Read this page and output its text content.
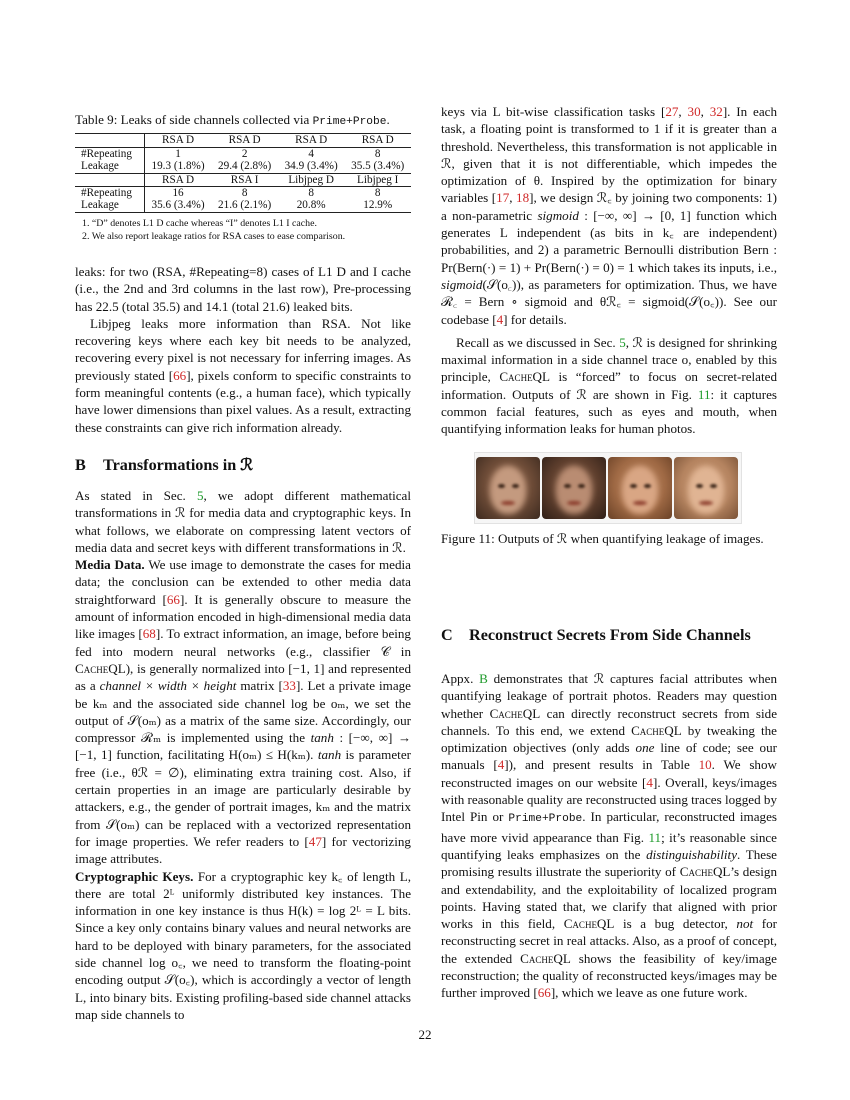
Table 9: Leaks of side channels collected via Prime+Probe.
	RSA D	RSA D	RSA D	RSA D
#Repeating	1	2	4	8
Leakage	19.3 (1.8%)	29.4 (2.8%)	34.9 (3.4%)	35.5 (3.4%)
	RSA D	RSA I	Libjpeg D	Libjpeg I
#Repeating	16	8	8	8
Leakage	35.6 (3.4%)	21.6 (2.1%)	20.8%	12.9%
1. “D” denotes L1 D cache whereas “I” denotes L1 I cache.
2. We also report leakage ratios for RSA cases to ease comparison.

leaks: for two (RSA, #Repeating=8) cases of L1 D and I cache (i.e., the 2nd and 3rd columns in the last row), Pre-processing has 22.5 (total 35.5) and 14.1 (total 21.6) leaked bits.

Libjpeg leaks more information than RSA. Not like recovering keys where each key bit needs to be analyzed, recovering every pixel is not necessary for inferring images. As previously stated [66], pixels conform to specific constraints to form meaningful contents (e.g., a human face), which typically have lower dimensions than pixel values. As a result, extracting these constraints can give rich information already.

As stated in Sec. 5, we adopt different mathematical transformations in ℛ for media data and cryptographic keys. In what follows, we elaborate on compressing latent vectors of media data and secret keys with different transformations in ℛ.

Media Data. We use image to demonstrate the cases for media data; the conclusion can be extended to other media data straightforward [66]. It is generally obscure to measure the amount of information encoded in high-dimensional media data like images [68]. To extract information, an image, before being fed into modern neural networks (e.g., classifier 𝒞 in CacheQL), is generally normalized into [−1, 1] and represented as a channel × width × height matrix [33]. Let a private image be kₘ and the associated side channel log be oₘ, we set the output of 𝒮(oₘ) as a matrix of the same size. Accordingly, our compressor ℛₘ is implemented using the tanh : [−∞, ∞] → [−1, 1] function, facilitating H(oₘ) ≤ H(kₘ). tanh is parameter free (i.e., θℛ = ∅), eliminating extra training cost. Also, if certain properties in an image are particularly desirable by attackers, e.g., the gender of portrait images, kₘ and the matrix from 𝒮(oₘ) can be replaced with a vectorized representation for image properties. We refer readers to [47] for vectorizing image attributes.

Cryptographic Keys. For a cryptographic key k꜀ of length L, there are total 2ᴸ uniformly distributed key instances. The information in one key instance is thus H(k) = log 2ᴸ = L bits. Since a key only contains binary values and neural networks are hard to be deployed with binary parameters, for the associated side channel log o꜀, we need to transform the floating-point encoding output 𝒮(o꜀), which is accordingly a vector of length L, into binary bits. Existing profiling-based side channel attacks map side channels to

B Transformations in ℛ

keys via L bit-wise classification tasks [27, 30, 32]. In each task, a floating point is transformed to 1 if it is greater than a threshold. Nevertheless, this transformation is not applicable in ℛ, given that it is not differentiable, which impedes the optimization of θ. Inspired by the optimization for binary variables [17, 18], we design ℛ꜀ by joining two components: 1) a non-parametric sigmoid : [−∞, ∞] → [0, 1] function which generates L independent (as bits in k꜀ are independent) probabilities, and 2) a parametric Bernoulli distribution Bern : Pr(Bern(·) = 1) + Pr(Bern(·) = 0) = 1 which takes its inputs, i.e., sigmoid(𝒮(o꜀)), as parameters for optimization. Thus, we have ℛ꜀ = Bern ∘ sigmoid and θℛ꜀ = sigmoid(𝒮(o꜀)). See our codebase [4] for details.

Recall as we discussed in Sec. 5, ℛ is designed for shrinking maximal information in a side channel trace o, enabled by this principle, CacheQL is “forced” to focus on secret-related information. Outputs of ℛ are shown in Fig. 11: it captures common facial features, such as eyes and mouth, when quantifying information leaks for human photos.

Figure 11: Outputs of ℛ when quantifying leakage of images.

Appx. B demonstrates that ℛ captures facial attributes when quantifying leakage of portrait photos. Readers may question whether CacheQL can directly reconstruct secrets from side channels. To this end, we extend CacheQL by tweaking the optimization objectives (only adds one line of code; see our manuals [4]), and present results in Table 10. We show reconstructed images on our website [4]. Overall, keys/images with reasonable quality are reconstructed using traces logged by Intel Pin or Prime+Probe. In particular, reconstructed images have more vivid appearance than Fig. 11; it’s reasonable since quantifying leaks emphasizes on the distinguishability. These promising results illustrate the superiority of CacheQL’s design and extendability, and the exploitability of localized program points. Having stated that, we clarify that aligned with prior works in this field, CacheQL is a bug detector, not for reconstructing secret in real attacks. Also, as a proof of concept, the extended CacheQL shows the feasibility of key/image reconstruction; the quality of reconstructed keys/images may be further improved [66], which we leave as one future work.

C Reconstruct Secrets From Side Channels
22
